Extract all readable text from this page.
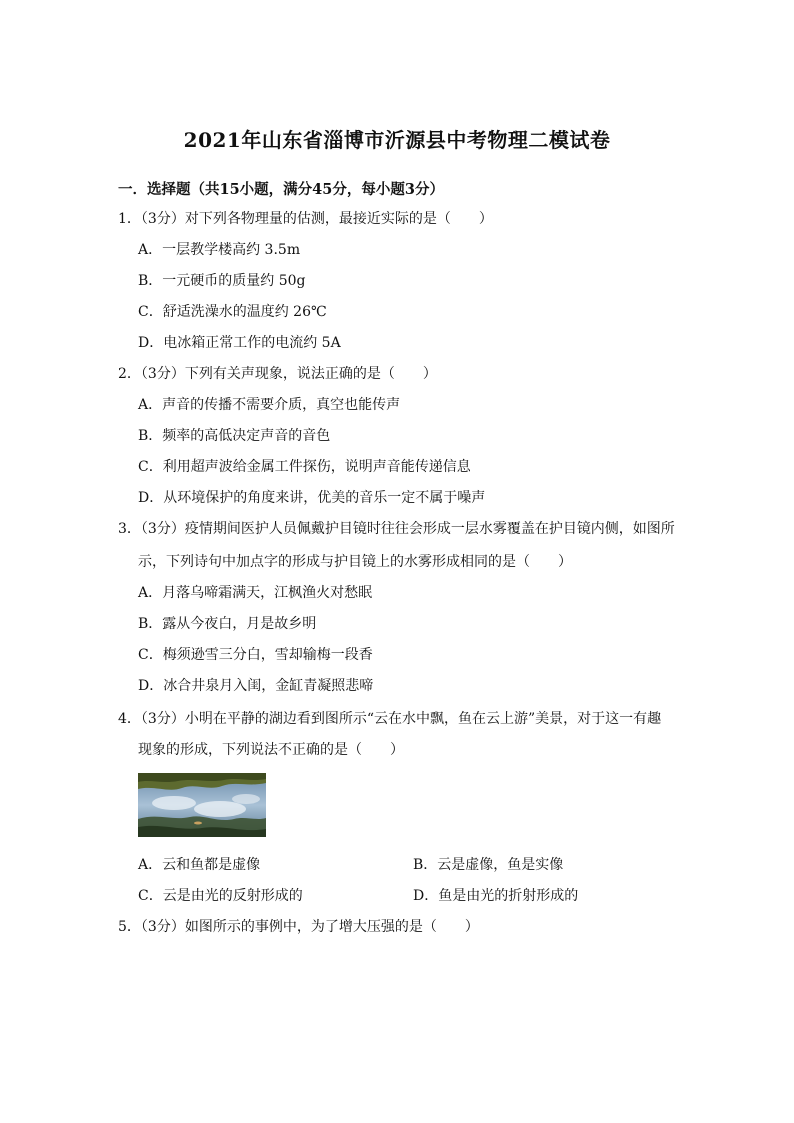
2021年山东省淄博市沂源县中考物理二模试卷
一．选择题（共15小题，满分45分，每小题3分）
1．（3分）对下列各物理量的估测，最接近实际的是（　　）
A．一层教学楼高约 3.5m
B．一元硬币的质量约 50g
C．舒适洗澡水的温度约 26℃
D．电冰箱正常工作的电流约 5A
2．（3分）下列有关声现象，说法正确的是（　　）
A．声音的传播不需要介质，真空也能传声
B．频率的高低决定声音的音色
C．利用超声波给金属工件探伤，说明声音能传递信息
D．从环境保护的角度来讲，优美的音乐一定不属于噪声
3．（3分）疫情期间医护人员佩戴护目镜时往往会形成一层水雾覆盖在护目镜内侧，如图所
示，下列诗句中加点字的形成与护目镜上的水雾形成相同的是（　　）
A．月落乌啼霜满天，江枫渔火对愁眠
B．露从今夜白，月是故乡明
C．梅须逊雪三分白，雪却输梅一段香
D．冰合井泉月入闺，金缸青凝照悲啼
4．（3分）小明在平静的湖边看到图所示“云在水中飘，鱼在云上游”美景，对于这一有趣
现象的形成，下列说法不正确的是（　　）
A．云和鱼都是虚像	B．云是虚像，鱼是实像
C．云是由光的反射形成的	D．鱼是由光的折射形成的
5．（3分）如图所示的事例中，为了增大压强的是（　　）
